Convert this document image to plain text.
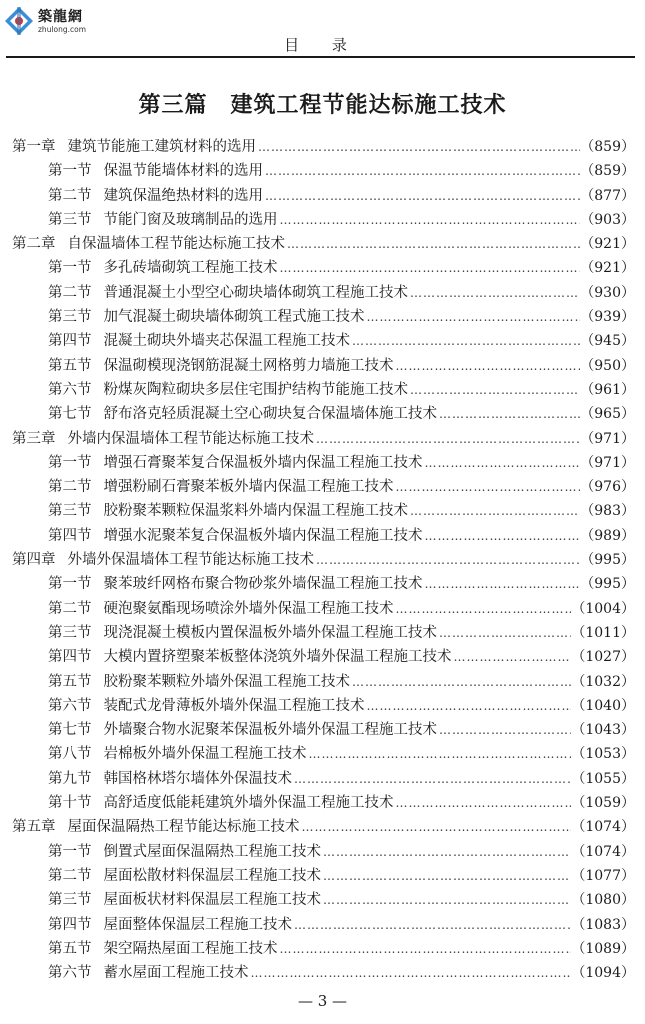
築龍網
zhulong.com
目 录
第三篇　建筑工程节能达标施工技术
第一章 建筑节能施工建筑材料的选用 ……………………………………………………………………………………………………………………………………	（859）
第一节 保温节能墙体材料的选用 ……………………………………………………………………………………………………………………………………	（859）
第二节 建筑保温绝热材料的选用 ……………………………………………………………………………………………………………………………………	（877）
第三节 节能门窗及玻璃制品的选用 ……………………………………………………………………………………………………………………………………	（903）
第二章 自保温墙体工程节能达标施工技术 ……………………………………………………………………………………………………………………………………	（921）
第一节 多孔砖墙砌筑工程施工技术 ……………………………………………………………………………………………………………………………………	（921）
第二节 普通混凝土小型空心砌块墙体砌筑工程施工技术 ……………………………………………………………………………………………………………………………………	（930）
第三节 加气混凝土砌块墙体砌筑工程式施工技术 ……………………………………………………………………………………………………………………………………	（939）
第四节 混凝土砌块外墙夹芯保温工程施工技术 ……………………………………………………………………………………………………………………………………	（945）
第五节 保温砌模现浇钢筋混凝土网格剪力墙施工技术 ……………………………………………………………………………………………………………………………………	（950）
第六节 粉煤灰陶粒砌块多层住宅围护结构节能施工技术 ……………………………………………………………………………………………………………………………………	（961）
第七节 舒布洛克轻质混凝土空心砌块复合保温墙体施工技术 ……………………………………………………………………………………………………………………………………	（965）
第三章 外墙内保温墙体工程节能达标施工技术 ……………………………………………………………………………………………………………………………………	（971）
第一节 增强石膏聚苯复合保温板外墙内保温工程施工技术 ……………………………………………………………………………………………………………………………………	（971）
第二节 增强粉刷石膏聚苯板外墙内保温工程施工技术 ……………………………………………………………………………………………………………………………………	（976）
第三节 胶粉聚苯颗粒保温浆料外墙内保温工程施工技术 ……………………………………………………………………………………………………………………………………	（983）
第四节 增强水泥聚苯复合保温板外墙内保温工程施工技术 ……………………………………………………………………………………………………………………………………	（989）
第四章 外墙外保温墙体工程节能达标施工技术 ……………………………………………………………………………………………………………………………………	（995）
第一节 聚苯玻纤网格布聚合物砂浆外墙保温工程施工技术 ……………………………………………………………………………………………………………………………………	（995）
第二节 硬泡聚氨酯现场喷涂外墙外保温工程施工技术 ……………………………………………………………………………………………………………………………………	（1004）
第三节 现浇混凝土模板内置保温板外墙外保温工程施工技术 ……………………………………………………………………………………………………………………………………	（1011）
第四节 大模内置挤塑聚苯板整体浇筑外墙外保温工程施工技术 ……………………………………………………………………………………………………………………………………	（1027）
第五节 胶粉聚苯颗粒外墙外保温工程施工技术 ……………………………………………………………………………………………………………………………………	（1032）
第六节 装配式龙骨薄板外墙外保温工程施工技术 ……………………………………………………………………………………………………………………………………	（1040）
第七节 外墙聚合物水泥聚苯保温板外墙外保温工程施工技术 ……………………………………………………………………………………………………………………………………	（1043）
第八节 岩棉板外墙外保温工程施工技术 ……………………………………………………………………………………………………………………………………	（1053）
第九节 韩国格林塔尔墙体外保温技术 ……………………………………………………………………………………………………………………………………	（1055）
第十节 高舒适度低能耗建筑外墙外保温工程施工技术 ……………………………………………………………………………………………………………………………………	（1059）
第五章 屋面保温隔热工程节能达标施工技术 ……………………………………………………………………………………………………………………………………	（1074）
第一节 倒置式屋面保温隔热工程施工技术 ……………………………………………………………………………………………………………………………………	（1074）
第二节 屋面松散材料保温层工程施工技术 ……………………………………………………………………………………………………………………………………	（1077）
第三节 屋面板状材料保温层工程施工技术 ……………………………………………………………………………………………………………………………………	（1080）
第四节 屋面整体保温层工程施工技术 ……………………………………………………………………………………………………………………………………	（1083）
第五节 架空隔热屋面工程施工技术 ……………………………………………………………………………………………………………………………………	（1089）
第六节 蓄水屋面工程施工技术 ……………………………………………………………………………………………………………………………………	（1094）
— 3 —
